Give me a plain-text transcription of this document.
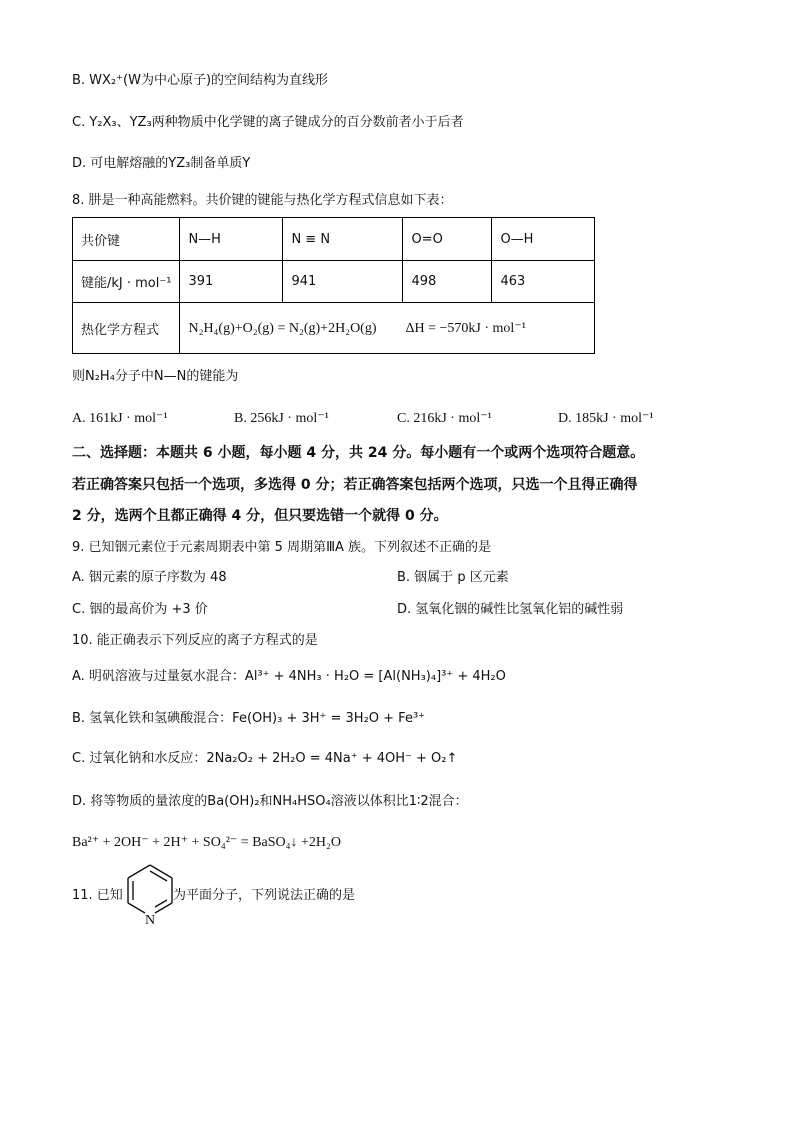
B. WX₂⁺(W为中心原子)的空间结构为直线形
C. Y₂X₃、YZ₃两种物质中化学键的离子键成分的百分数前者小于后者
D. 可电解熔融的YZ₃制备单质Y
8. 肼是一种高能燃料。共价键的键能与热化学方程式信息如下表：
共价键	N—H	N ≡ N	O=O	O—H
键能/kJ · mol⁻¹	391	941	498	463
热化学方程式	N₂H₄(g)+O₂(g) = N₂(g)+2H₂O(g) ΔH = −570kJ · mol⁻¹			
则N₂H₄分子中N—N的键能为
A. 161kJ · mol⁻¹	B. 256kJ · mol⁻¹	C. 216kJ · mol⁻¹	D. 185kJ · mol⁻¹
二、选择题：本题共 6 小题，每小题 4 分，共 24 分。每小题有一个或两个选项符合题意。
若正确答案只包括一个选项，多选得 0 分；若正确答案包括两个选项，只选一个且得正确得
2 分，选两个且都正确得 4 分，但只要选错一个就得 0 分。
9. 已知铟元素位于元素周期表中第 5 周期第ⅢA 族。下列叙述不正确的是
A. 铟元素的原子序数为 48	B. 铟属于 p 区元素
C. 铟的最高价为 +3 价	D. 氢氧化铟的碱性比氢氧化铝的碱性弱
10. 能正确表示下列反应的离子方程式的是
A. 明矾溶液与过量氨水混合：Al³⁺ + 4NH₃ · H₂O = [Al(NH₃)₄]³⁺ + 4H₂O
B. 氢氧化铁和氢碘酸混合：Fe(OH)₃ + 3H⁺ = 3H₂O + Fe³⁺
C. 过氧化钠和水反应：2Na₂O₂ + 2H₂O = 4Na⁺ + 4OH⁻ + O₂↑
D. 将等物质的量浓度的Ba(OH)₂和NH₄HSO₄溶液以体积比1∶2混合：
Ba²⁺ + 2OH⁻ + 2H⁺ + SO₄²⁻ = BaSO₄↓ +2H₂O
11. 已知
N
为平面分子，下列说法正确的是
